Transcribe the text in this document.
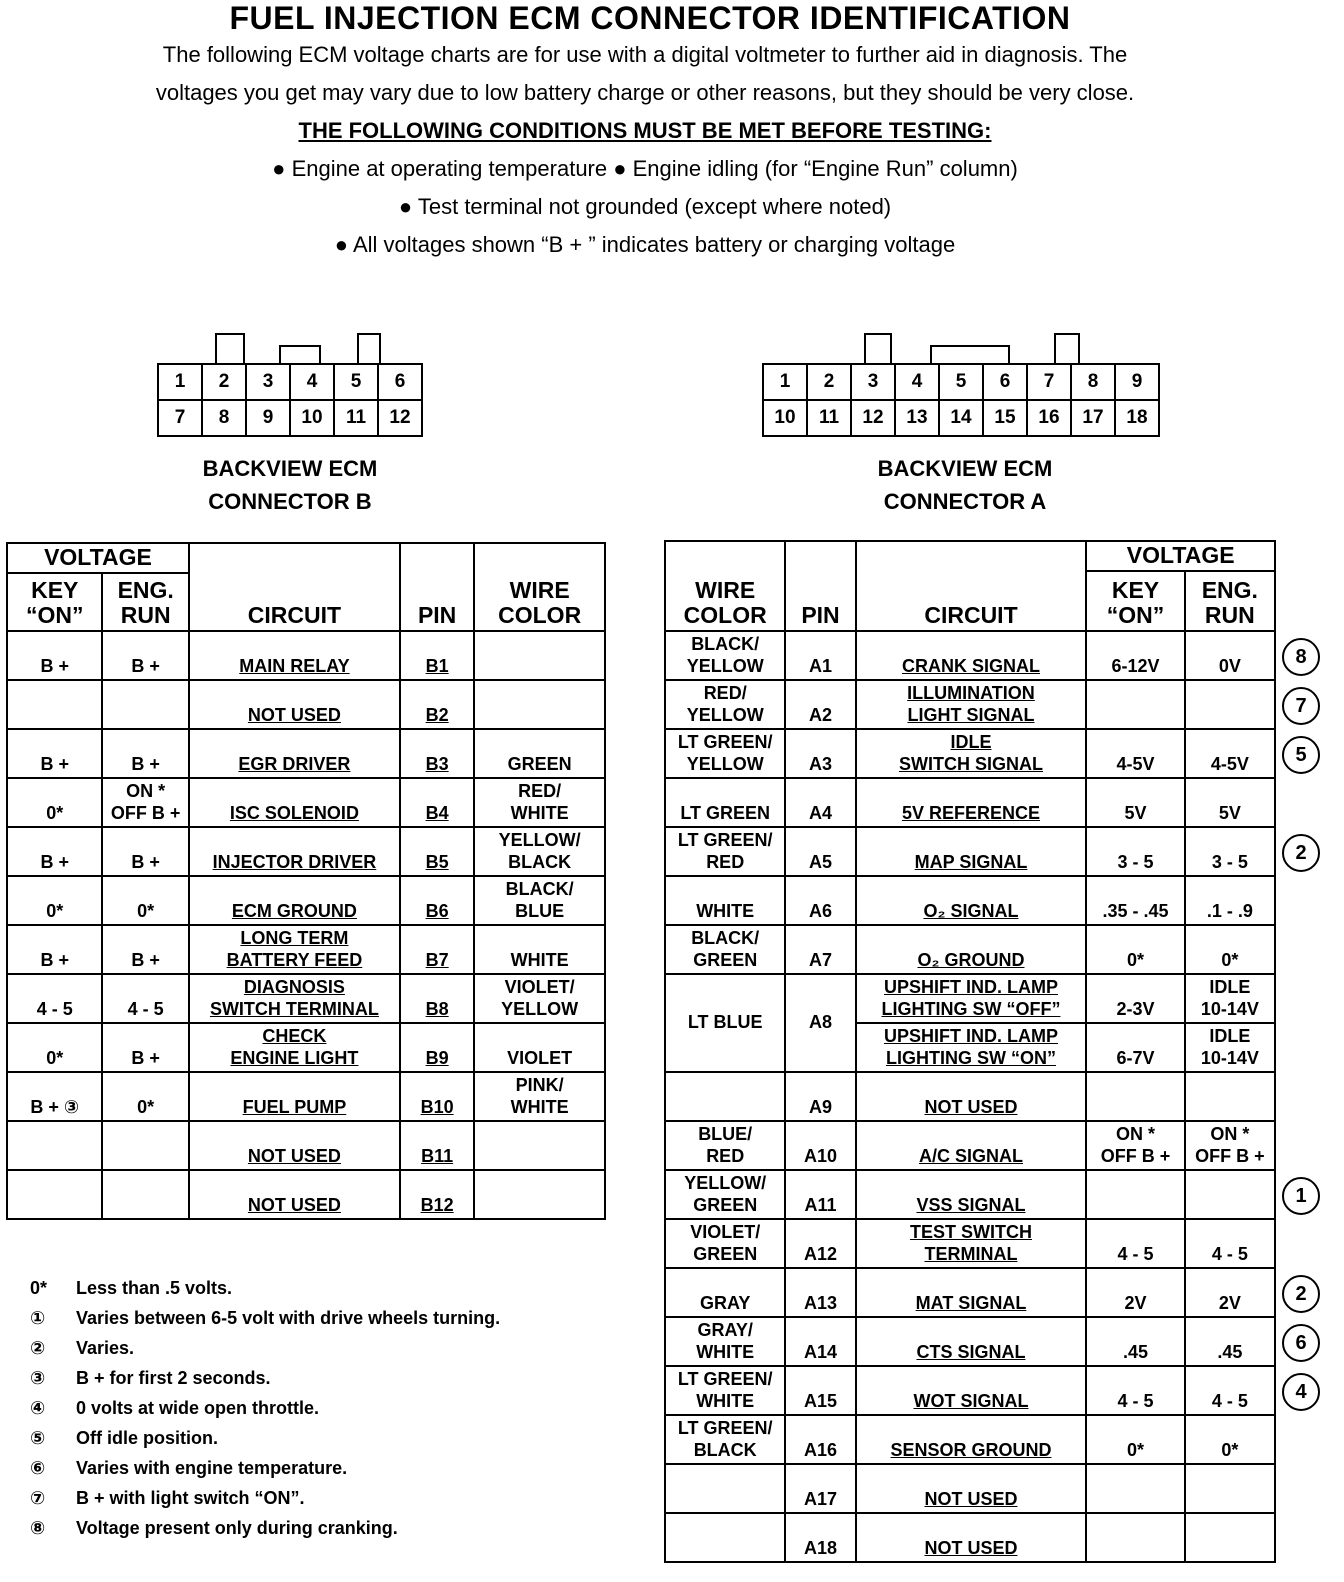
FUEL INJECTION ECM CONNECTOR IDENTIFICATION
The following ECM voltage charts are for use with a digital voltmeter to further aid in diagnosis. The
voltages you get may vary due to low battery charge or other reasons, but they should be very close.
THE FOLLOWING CONDITIONS MUST BE MET BEFORE TESTING:
● Engine at operating temperature ● Engine idling (for “Engine Run” column)
● Test terminal not grounded (except where noted)
● All voltages shown “B + ” indicates battery or charging voltage
1	2	3	4	5	6
7	8	9	10	11	12
BACKVIEW ECM
CONNECTOR B
1	2	3	4	5	6	7	8	9
10	11	12	13	14	15	16	17	18
BACKVIEW ECM
CONNECTOR A
VOLTAGE		CIRCUIT	PIN	WIRE
COLOR
KEY
“ON”	ENG.
RUN			
B +	B +	MAIN RELAY	B1	
		NOT USED	B2	
B +	B +	EGR DRIVER	B3	GREEN
0*	ON *
OFF B +	ISC SOLENOID	B4	RED/
WHITE
B +	B +	INJECTOR DRIVER	B5	YELLOW/
BLACK
0*	0*	ECM GROUND	B6	BLACK/
BLUE
B +	B +	LONG TERM
BATTERY FEED	B7	WHITE
4 - 5	4 - 5	DIAGNOSIS
SWITCH TERMINAL	B8	VIOLET/
YELLOW
0*	B +	CHECK
ENGINE LIGHT	B9	VIOLET
B + ③	0*	FUEL PUMP	B10	PINK/
WHITE
		NOT USED	B11	
		NOT USED	B12	
WIRE
COLOR	PIN	CIRCUIT	VOLTAGE	
			KEY
“ON”	ENG.
RUN
BLACK/
YELLOW	A1	CRANK SIGNAL	6-12V	0V
RED/
YELLOW	A2	ILLUMINATION
LIGHT SIGNAL		
LT GREEN/
YELLOW	A3	IDLE
SWITCH SIGNAL	4-5V	4-5V
LT GREEN	A4	5V REFERENCE	5V	5V
LT GREEN/
RED	A5	MAP SIGNAL	3 - 5	3 - 5
WHITE	A6	O₂ SIGNAL	.35 - .45	.1 - .9
BLACK/
GREEN	A7	O₂ GROUND	0*	0*
LT BLUE	A8	UPSHIFT IND. LAMP
LIGHTING SW “OFF”	2-3V	IDLE
10-14V
		UPSHIFT IND. LAMP
LIGHTING SW “ON”	6-7V	IDLE
10-14V
	A9	NOT USED		
BLUE/
RED	A10	A/C SIGNAL	ON *
OFF B +	ON *
OFF B +
YELLOW/
GREEN	A11	VSS SIGNAL		
VIOLET/
GREEN	A12	TEST SWITCH
TERMINAL	4 - 5	4 - 5
GRAY	A13	MAT SIGNAL	2V	2V
GRAY/
WHITE	A14	CTS SIGNAL	.45	.45
LT GREEN/
WHITE	A15	WOT SIGNAL	4 - 5	4 - 5
LT GREEN/
BLACK	A16	SENSOR GROUND	0*	0*
	A17	NOT USED		
	A18	NOT USED		
8
7
5
2
1
2
6
4
0* Less than .5 volts.
① Varies between 6-5 volt with drive wheels turning.
② Varies.
③ B + for first 2 seconds.
④ 0 volts at wide open throttle.
⑤ Off idle position.
⑥ Varies with engine temperature.
⑦ B + with light switch “ON”.
⑧ Voltage present only during cranking.
